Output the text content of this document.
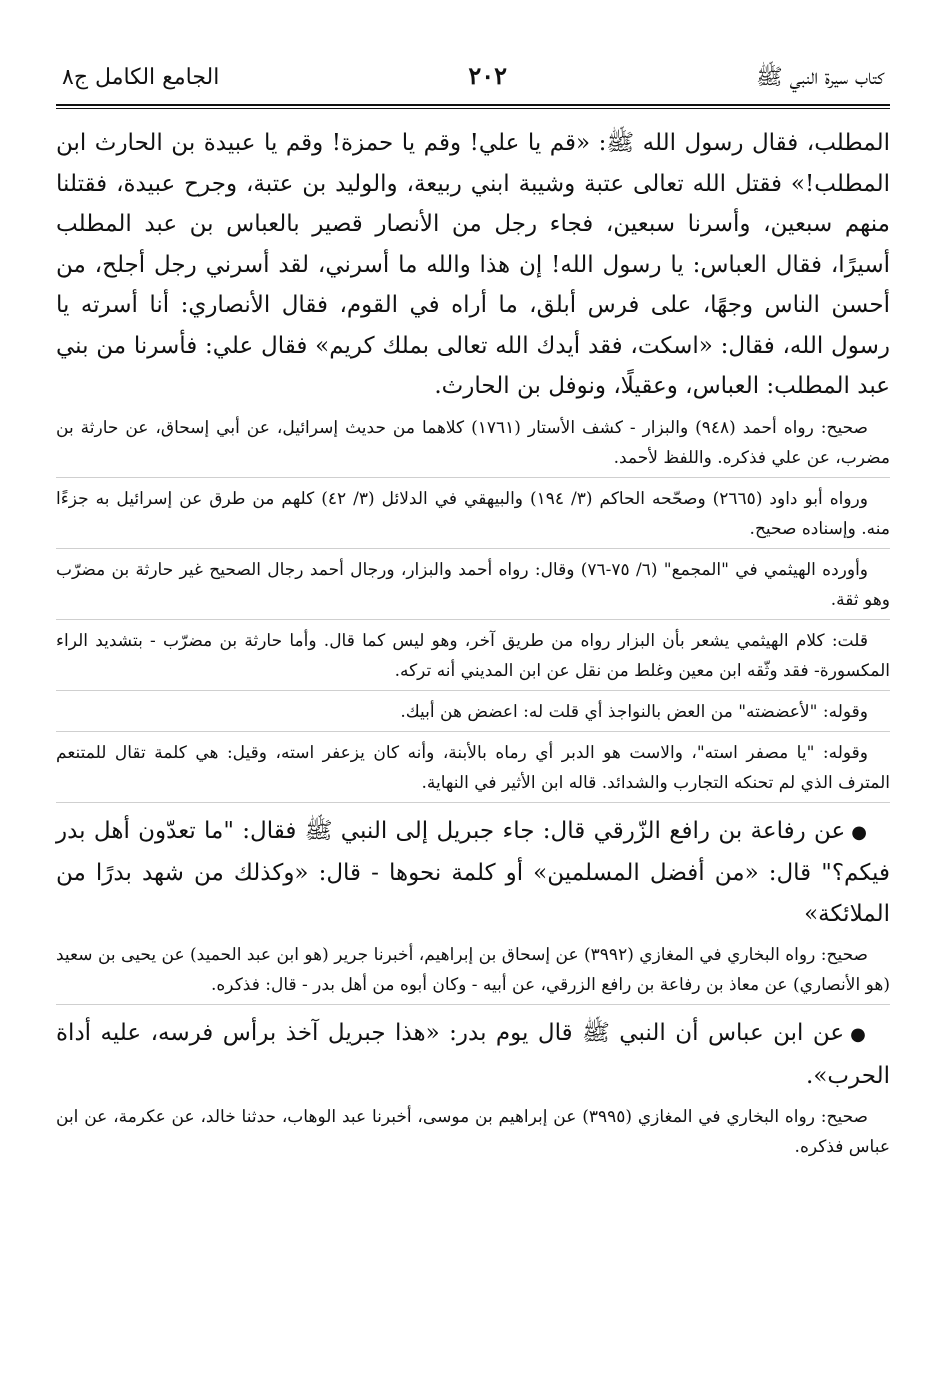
كتاب سيرة النبي ﷺ
٢٠٢
الجامع الكامل ج٨

المطلب، فقال رسول الله ﷺ: «قم يا علي! وقم يا حمزة! وقم يا عبيدة بن الحارث ابن المطلب!» فقتل الله تعالى عتبة وشيبة ابني ربيعة، والوليد بن عتبة، وجرح عبيدة، فقتلنا منهم سبعين، وأسرنا سبعين، فجاء رجل من الأنصار قصير بالعباس بن عبد المطلب أسيرًا، فقال العباس: يا رسول الله! إن هذا والله ما أسرني، لقد أسرني رجل أجلح، من أحسن الناس وجهًا، على فرس أبلق، ما أراه في القوم، فقال الأنصاري: أنا أسرته يا رسول الله، فقال: «اسكت، فقد أيدك الله تعالى بملك كريم» فقال علي: فأسرنا من بني عبد المطلب: العباس، وعقيلًا، ونوفل بن الحارث.

صحيح: رواه أحمد (٩٤٨) والبزار - كشف الأستار (١٧٦١) كلاهما من حديث إسرائيل، عن أبي إسحاق، عن حارثة بن مضرب، عن علي فذكره. واللفظ لأحمد.

ورواه أبو داود (٢٦٦٥) وصحّحه الحاكم (٣/ ١٩٤) والبيهقي في الدلائل (٣/ ٤٢) كلهم من طرق عن إسرائيل به جزءًا منه. وإسناده صحيح.

وأورده الهيثمي في "المجمع" (٦/ ٧٥-٧٦) وقال: رواه أحمد والبزار، ورجال أحمد رجال الصحيح غير حارثة بن مضرّب وهو ثقة.

قلت: كلام الهيثمي يشعر بأن البزار رواه من طريق آخر، وهو ليس كما قال. وأما حارثة بن مضرّب - بتشديد الراء المكسورة- فقد وثّقه ابن معين وغلط من نقل عن ابن المديني أنه تركه.

وقوله: "لأعضضته" من العض بالنواجذ أي قلت له: اعضض هن أبيك.

وقوله: "يا مصفر استه"، والاست هو الدبر أي رماه بالأبنة، وأنه كان يزعفر استه، وقيل: هي كلمة تقال للمتنعم المترف الذي لم تحنكه التجارب والشدائد. قاله ابن الأثير في النهاية.

●عن رفاعة بن رافع الزّرقي قال: جاء جبريل إلى النبي ﷺ فقال: "ما تعدّون أهل بدر فيكم؟" قال: «من أفضل المسلمين» أو كلمة نحوها - قال: «وكذلك من شهد بدرًا من الملائكة»

صحيح: رواه البخاري في المغازي (٣٩٩٢) عن إسحاق بن إبراهيم، أخبرنا جرير (هو ابن عبد الحميد) عن يحيى بن سعيد (هو الأنصاري) عن معاذ بن رفاعة بن رافع الزرقي، عن أبيه - وكان أبوه من أهل بدر - قال: فذكره.

●عن ابن عباس أن النبي ﷺ قال يوم بدر: «هذا جبريل آخذ برأس فرسه، عليه أداة الحرب».

صحيح: رواه البخاري في المغازي (٣٩٩٥) عن إبراهيم بن موسى، أخبرنا عبد الوهاب، حدثنا خالد، عن عكرمة، عن ابن عباس فذكره.
